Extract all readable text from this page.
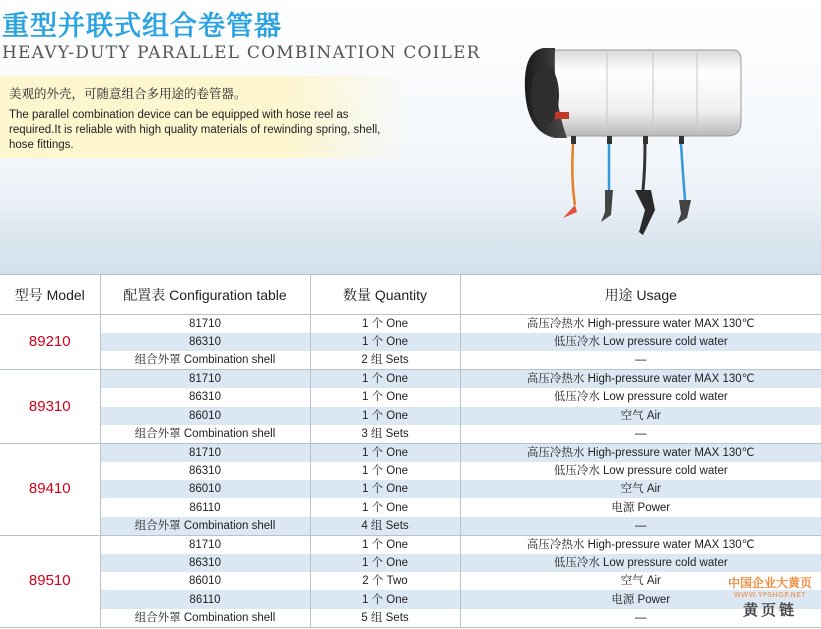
重型并联式组合卷管器
HEAVY-DUTY PARALLEL COMBINATION COILER
美观的外壳，可随意组合多用途的卷管器。
The parallel combination device can be equipped with hose reel as required.It is reliable with high quality materials of rewinding spring, shell, hose fittings.
型号 Model	配置表 Configuration table	数量 Quantity	用途 Usage
89210	81710	1 个 One	高压冷热水 High-pressure water MAX 130℃
	86310	1 个 One	低压冷水 Low pressure cold water
	组合外罩 Combination shell	2 组 Sets	—
89310	81710	1 个 One	高压冷热水 High-pressure water MAX 130℃
	86310	1 个 One	低压冷水 Low pressure cold water
	86010	1 个 One	空气 Air
	组合外罩 Combination shell	3 组 Sets	—
89410	81710	1 个 One	高压冷热水 High-pressure water MAX 130℃
	86310	1 个 One	低压冷水 Low pressure cold water
	86010	1 个 One	空气 Air
	86110	1 个 One	电源 Power
	组合外罩 Combination shell	4 组 Sets	—
89510	81710	1 个 One	高压冷热水 High-pressure water MAX 130℃
	86310	1 个 One	低压冷水 Low pressure cold water
	86010	2 个 Two	空气 Air
	86110	1 个 One	电源 Power
	组合外罩 Combination shell	5 组 Sets	—
中国企业大黄页
WWW.YPSHOP.NET
黄页链
